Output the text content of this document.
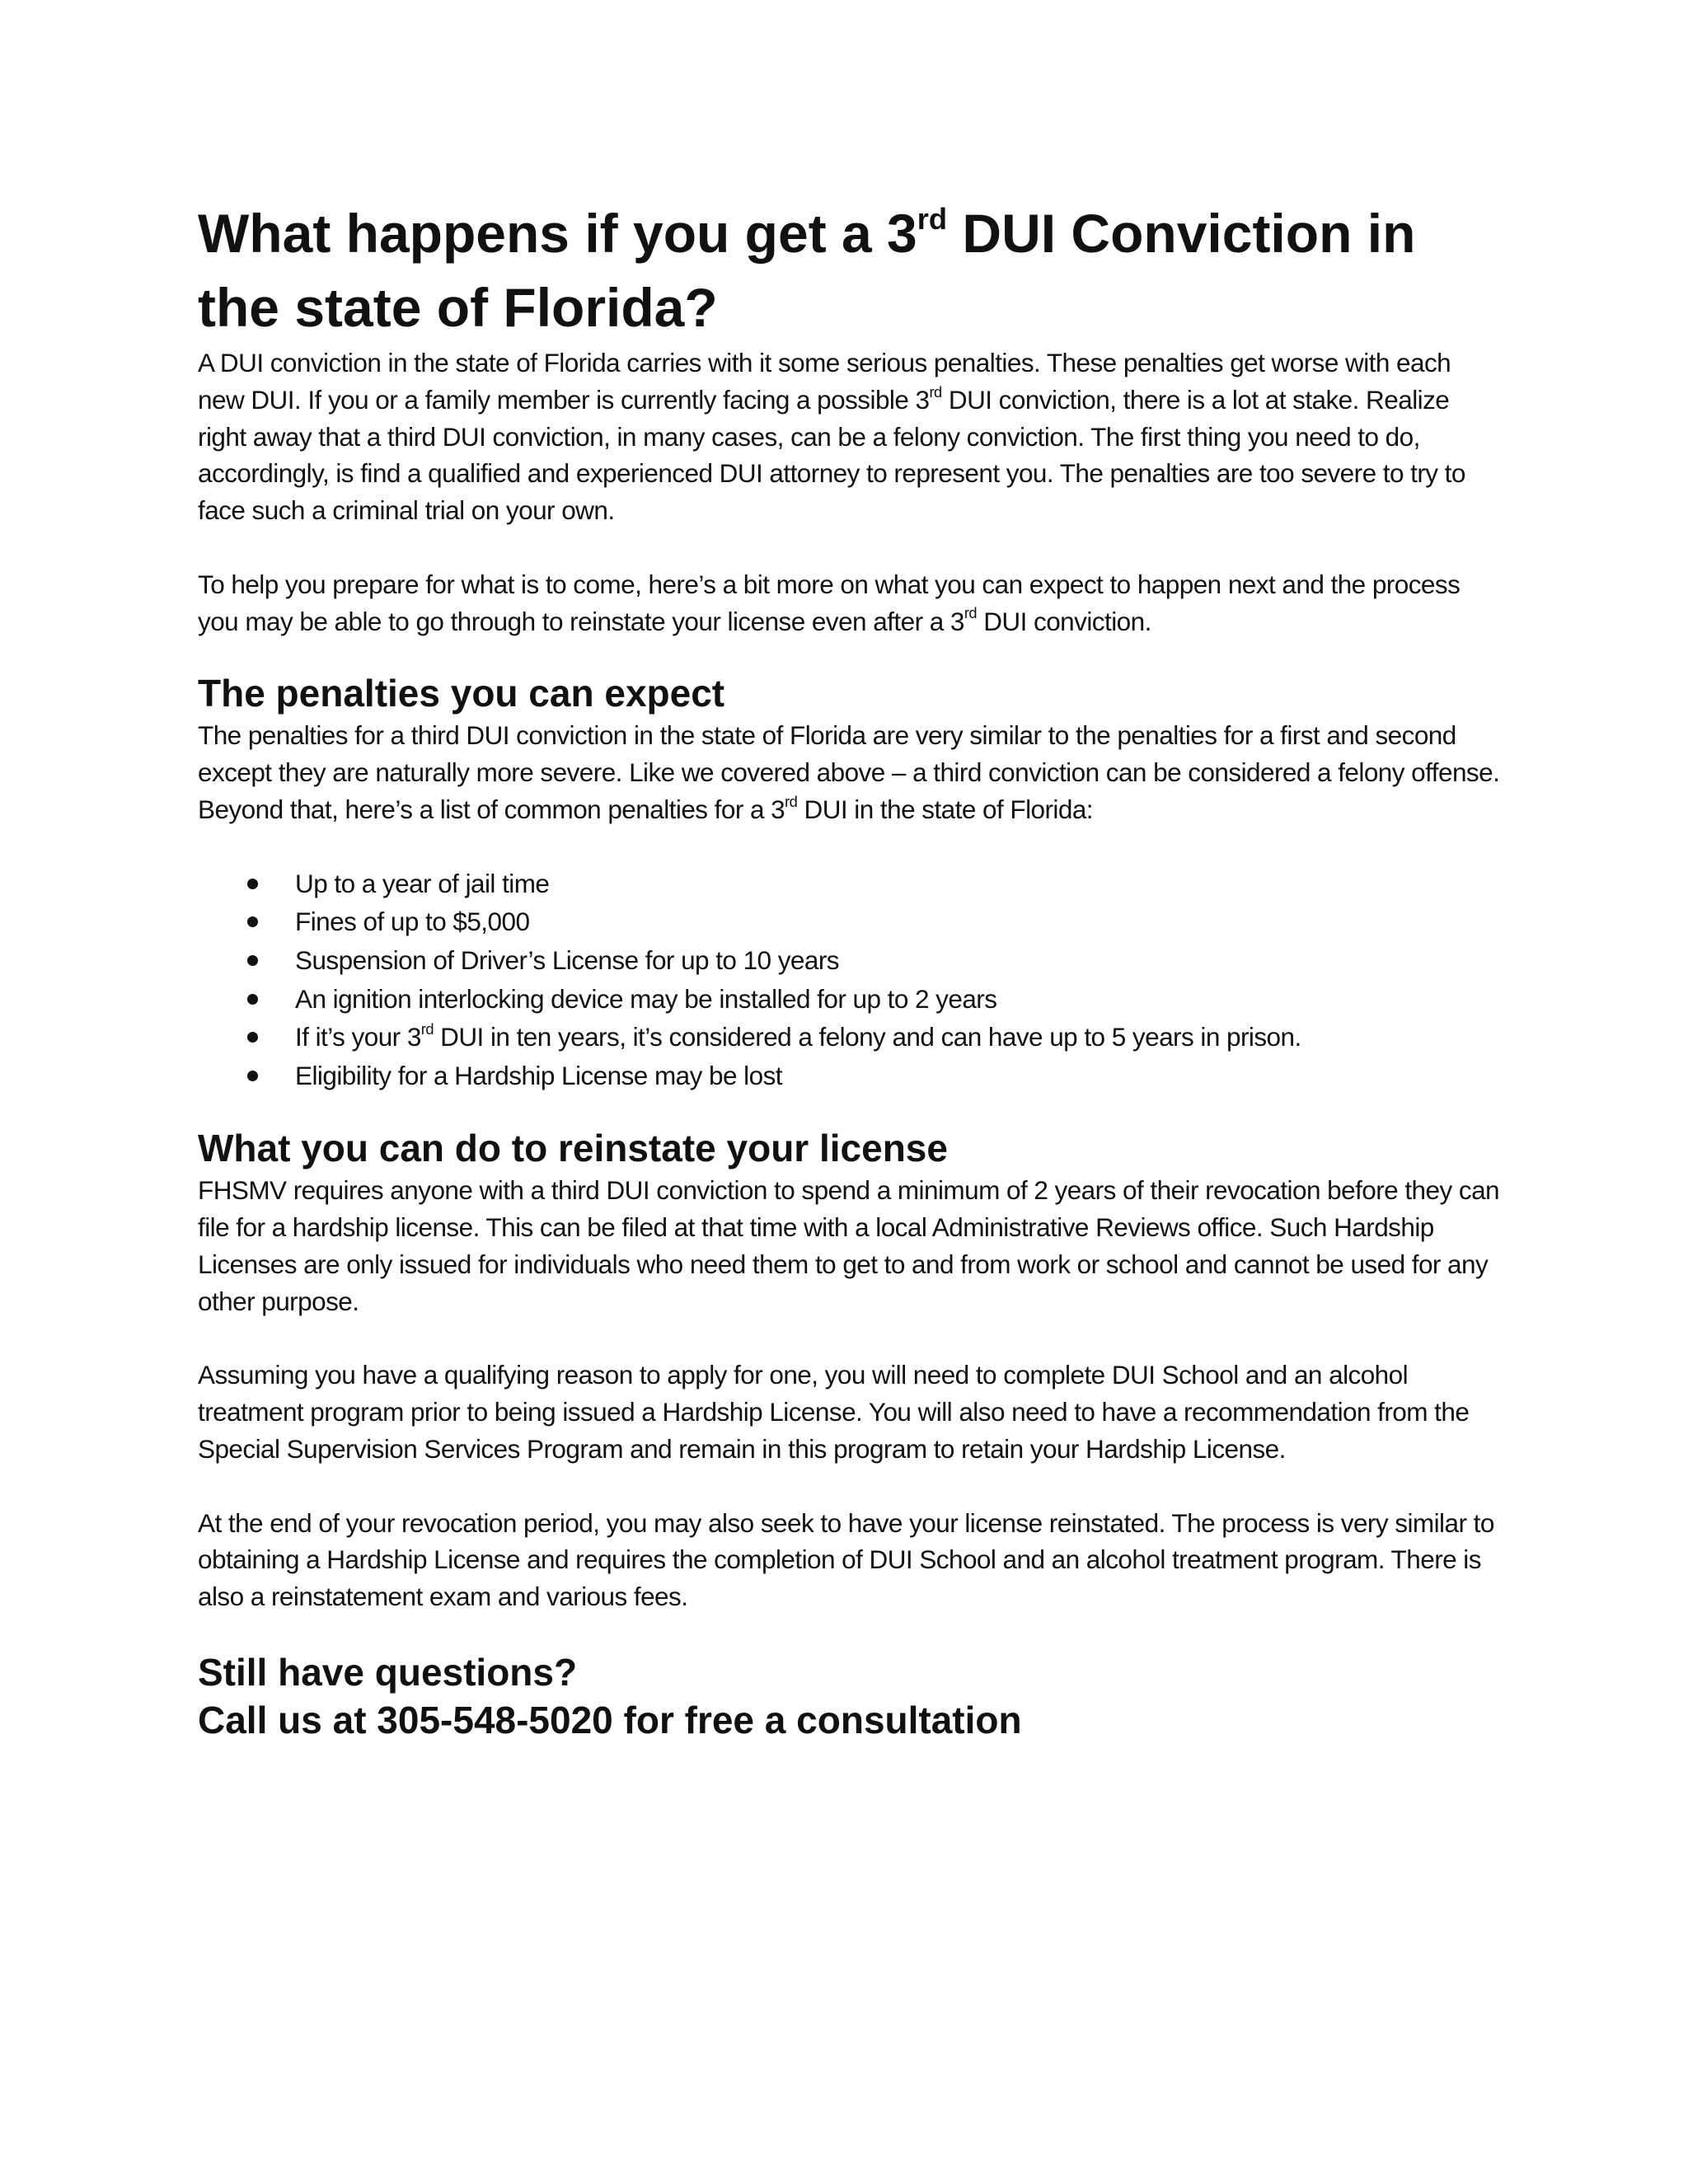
What happens if you get a 3rd DUI Conviction in the state of Florida?

A DUI conviction in the state of Florida carries with it some serious penalties. These penalties get worse with each new DUI. If you or a family member is currently facing a possible 3rd DUI conviction, there is a lot at stake. Realize right away that a third DUI conviction, in many cases, can be a felony conviction. The first thing you need to do, accordingly, is find a qualified and experienced DUI attorney to represent you. The penalties are too severe to try to face such a criminal trial on your own.

To help you prepare for what is to come, here’s a bit more on what you can expect to happen next and the process you may be able to go through to reinstate your license even after a 3rd DUI conviction.

The penalties you can expect

The penalties for a third DUI conviction in the state of Florida are very similar to the penalties for a first and second except they are naturally more severe. Like we covered above – a third conviction can be considered a felony offense. Beyond that, here’s a list of common penalties for a 3rd DUI in the state of Florida:

Up to a year of jail time
Fines of up to $5,000
Suspension of Driver’s License for up to 10 years
An ignition interlocking device may be installed for up to 2 years
If it’s your 3rd DUI in ten years, it’s considered a felony and can have up to 5 years in prison.
Eligibility for a Hardship License may be lost
What you can do to reinstate your license

FHSMV requires anyone with a third DUI conviction to spend a minimum of 2 years of their revocation before they can file for a hardship license. This can be filed at that time with a local Administrative Reviews office. Such Hardship Licenses are only issued for individuals who need them to get to and from work or school and cannot be used for any other purpose.

Assuming you have a qualifying reason to apply for one, you will need to complete DUI School and an alcohol treatment program prior to being issued a Hardship License. You will also need to have a recommendation from the Special Supervision Services Program and remain in this program to retain your Hardship License.

At the end of your revocation period, you may also seek to have your license reinstated. The process is very similar to obtaining a Hardship License and requires the completion of DUI School and an alcohol treatment program. There is also a reinstatement exam and various fees.

Still have questions?
Call us at 305-548-5020 for free a consultation
